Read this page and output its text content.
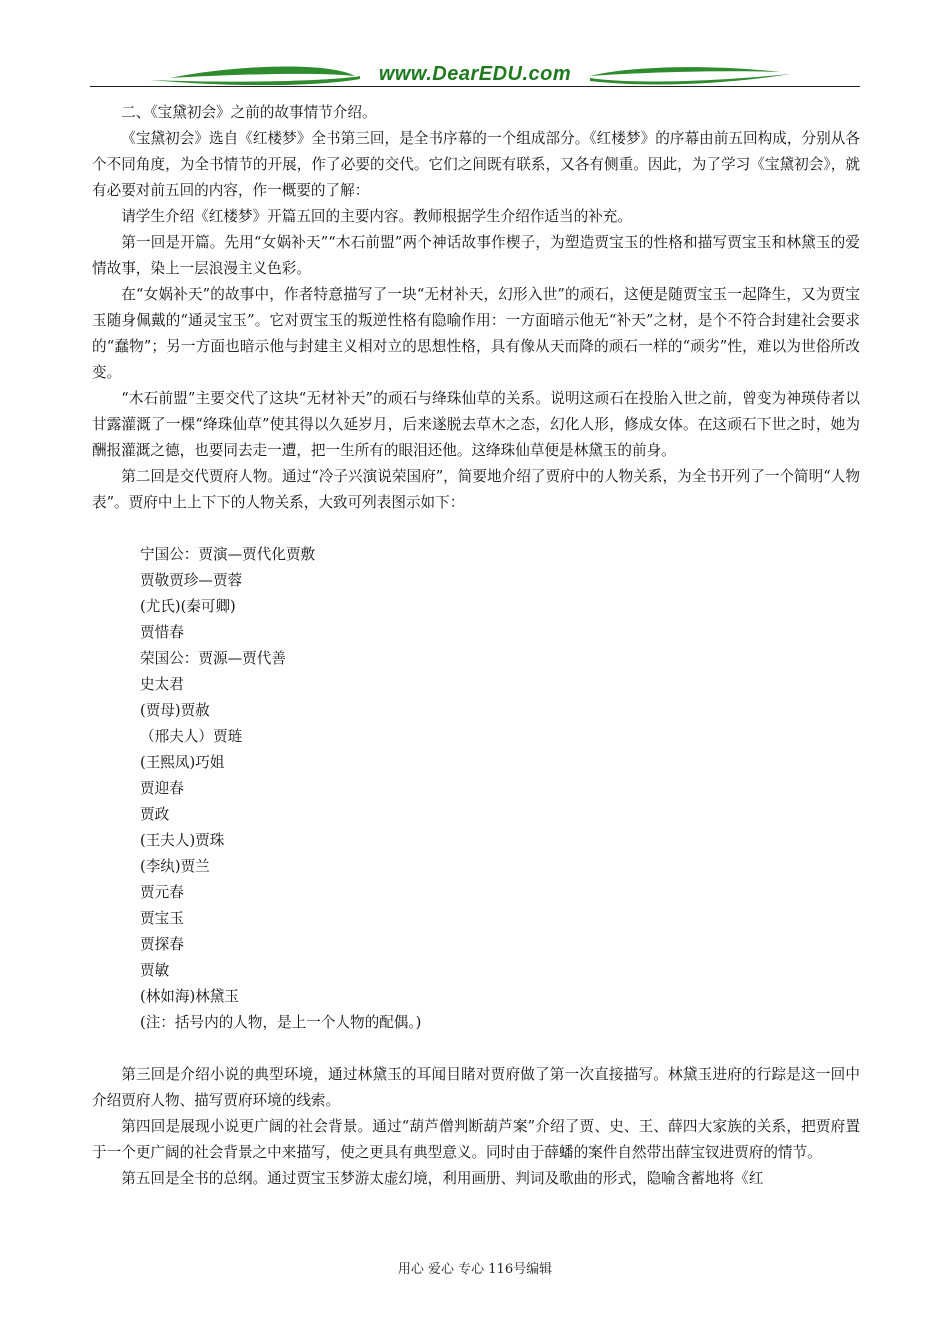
www.DearEDU.com

二、《宝黛初会》之前的故事情节介绍。

《宝黛初会》选自《红楼梦》全书第三回，是全书序幕的一个组成部分。《红楼梦》的序幕由前五回构成，分别从各个不同角度，为全书情节的开展，作了必要的交代。它们之间既有联系，又各有侧重。因此，为了学习《宝黛初会》，就有必要对前五回的内容，作一概要的了解：

请学生介绍《红楼梦》开篇五回的主要内容。教师根据学生介绍作适当的补充。

第一回是开篇。先用“女娲补天”“木石前盟”两个神话故事作楔子，为塑造贾宝玉的性格和描写贾宝玉和林黛玉的爱情故事，染上一层浪漫主义色彩。

在“女娲补天”的故事中，作者特意描写了一块“无材补天，幻形入世”的顽石，这便是随贾宝玉一起降生，又为贾宝玉随身佩戴的“通灵宝玉”。它对贾宝玉的叛逆性格有隐喻作用：一方面暗示他无“补天”之材，是个不符合封建社会要求的“蠢物”；另一方面也暗示他与封建主义相对立的思想性格，具有像从天而降的顽石一样的“顽劣”性，难以为世俗所改变。

“木石前盟”主要交代了这块“无材补天”的顽石与绛珠仙草的关系。说明这顽石在投胎入世之前，曾变为神瑛侍者以甘露灌溉了一棵“绛珠仙草”使其得以久延岁月，后来遂脱去草木之态，幻化人形，修成女体。在这顽石下世之时，她为酬报灌溉之德，也要同去走一遭，把一生所有的眼泪还他。这绛珠仙草便是林黛玉的前身。

第二回是交代贾府人物。通过“冷子兴演说荣国府”，简要地介绍了贾府中的人物关系，为全书开列了一个简明“人物表”。贾府中上上下下的人物关系，大致可列表图示如下：

宁国公：贾演—贾代化贾敷
贾敬贾珍—贾蓉
(尤氏)(秦可卿)
贾惜春
荣国公：贾源—贾代善
史太君
(贾母)贾赦
（邢夫人）贾琏
(王熙凤)巧姐
贾迎春
贾政
(王夫人)贾珠
(李纨)贾兰
贾元春
贾宝玉
贾探春
贾敏
(林如海)林黛玉
(注：括号内的人物，是上一个人物的配偶。)

第三回是介绍小说的典型环境，通过林黛玉的耳闻目睹对贾府做了第一次直接描写。林黛玉进府的行踪是这一回中介绍贾府人物、描写贾府环境的线索。

第四回是展现小说更广阔的社会背景。通过“葫芦僧判断葫芦案”介绍了贾、史、王、薛四大家族的关系，把贾府置于一个更广阔的社会背景之中来描写，使之更具有典型意义。同时由于薛蟠的案件自然带出薛宝钗进贾府的情节。

第五回是全书的总纲。通过贾宝玉梦游太虚幻境，利用画册、判词及歌曲的形式，隐喻含蓄地将《红

用心 爱心 专心 116号编辑
